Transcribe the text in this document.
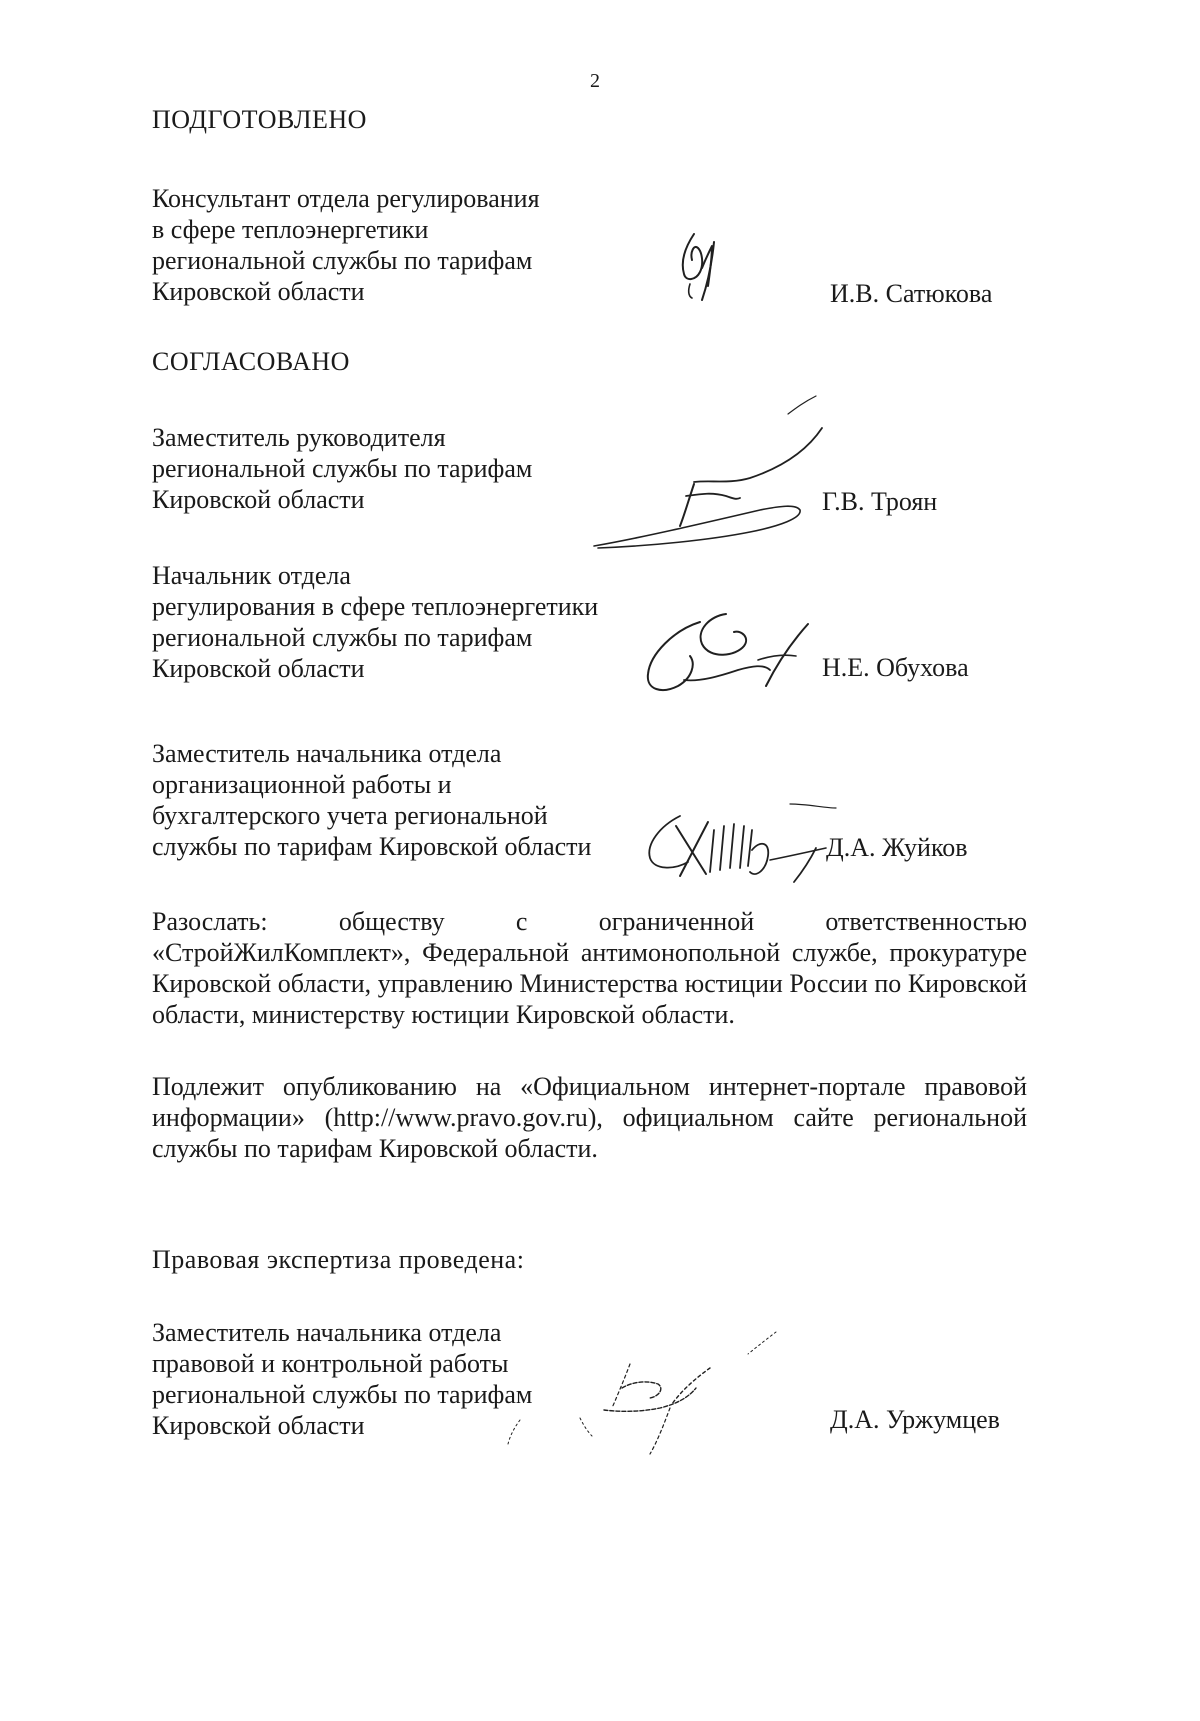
2
ПОДГОТОВЛЕНО
Консультант отдела регулирования
в сфере теплоэнергетики
региональной службы по тарифам
Кировской области	И.В. Сатюкова
СОГЛАСОВАНО
Заместитель руководителя
региональной службы по тарифам
Кировской области	Г.В. Троян
Начальник отдела
регулирования в сфере теплоэнергетики
региональной службы по тарифам
Кировской области	Н.Е. Обухова
Заместитель начальника отдела
организационной работы и
бухгалтерского учета региональной
службы по тарифам Кировской области	Д.А. Жуйков
Разослать: обществу с ограниченной ответственностью «СтройЖилКомплект», Федеральной антимонопольной службе, прокуратуре Кировской области, управлению Министерства юстиции России по Кировской области, министерству юстиции Кировской области.
Подлежит опубликованию на «Официальном интернет-портале правовой информации» (http://www.pravo.gov.ru), официальном сайте региональной службы по тарифам Кировской области.
Правовая экспертиза проведена:
Заместитель начальника отдела
правовой и контрольной работы
региональной службы по тарифам
Кировской области	Д.А. Уржумцев
